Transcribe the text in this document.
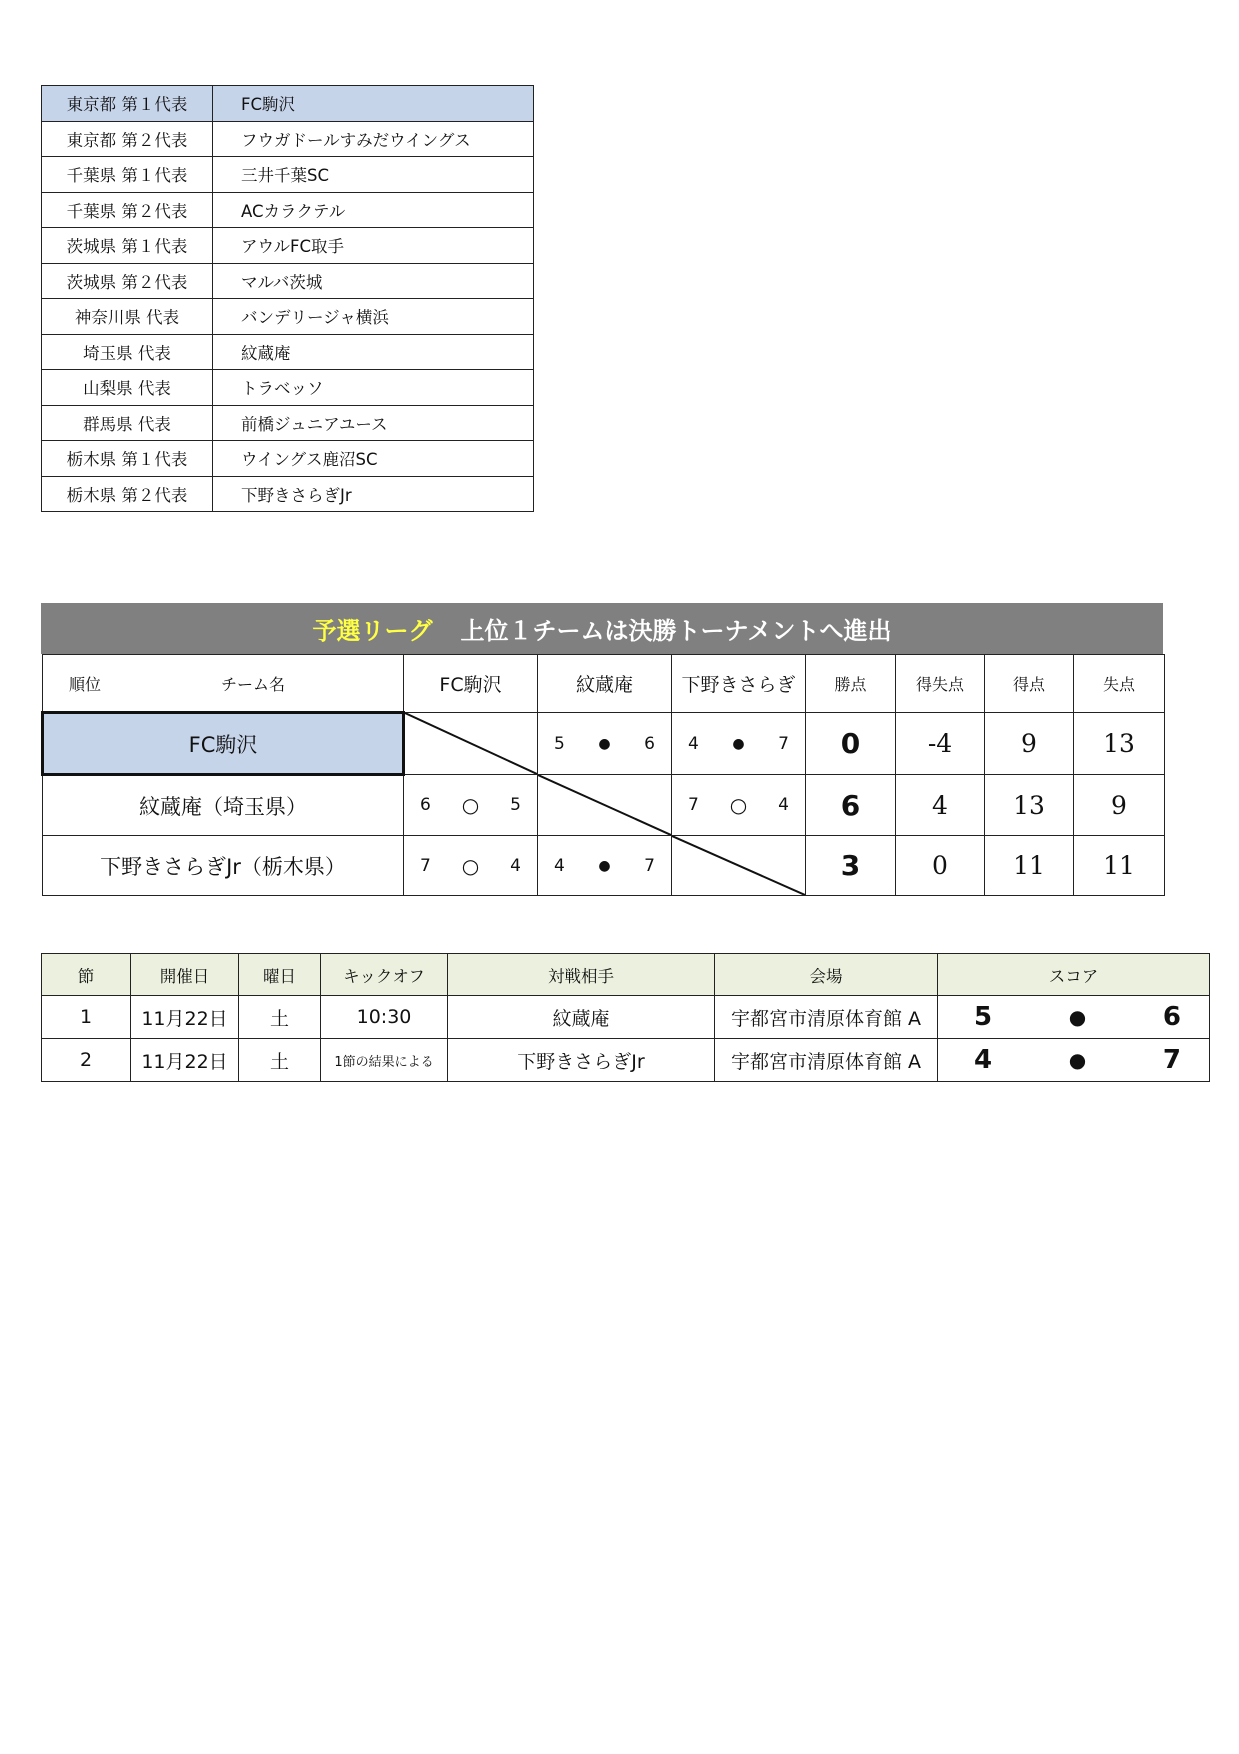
東京都 第１代表	FC駒沢
東京都 第２代表	フウガドールすみだウイングス
千葉県 第１代表	三井千葉SC
千葉県 第２代表	ACカラクテル
茨城県 第１代表	アウルFC取手
茨城県 第２代表	マルバ茨城
神奈川県 代表	バンデリージャ横浜
埼玉県 代表	紋蔵庵
山梨県 代表	トラベッソ
群馬県 代表	前橋ジュニアユース
栃木県 第１代表	ウイングス鹿沼SC
栃木県 第２代表	下野きさらぎJr
予選リーグ 上位１チームは決勝トーナメントへ進出
順位 チーム名	FC駒沢	紋蔵庵	下野きさらぎ	勝点	得失点	得点	失点
FC駒沢		5 ● 6	4 ● 7	0	-4	9	13
紋蔵庵（埼玉県）	6 ○ 5		7 ○ 4	6	4	13	9
下野きさらぎJr（栃木県）	7 ○ 4	4 ● 7		3	0	11	11
節	開催日	曜日	キックオフ	対戦相手	会場	スコア
1	11月22日	土	10:30	紋蔵庵	宇都宮市清原体育館 A	5 ● 6

2	11月22日	土	1節の結果による	下野きさらぎJr	宇都宮市清原体育館 A	4 ● 7
